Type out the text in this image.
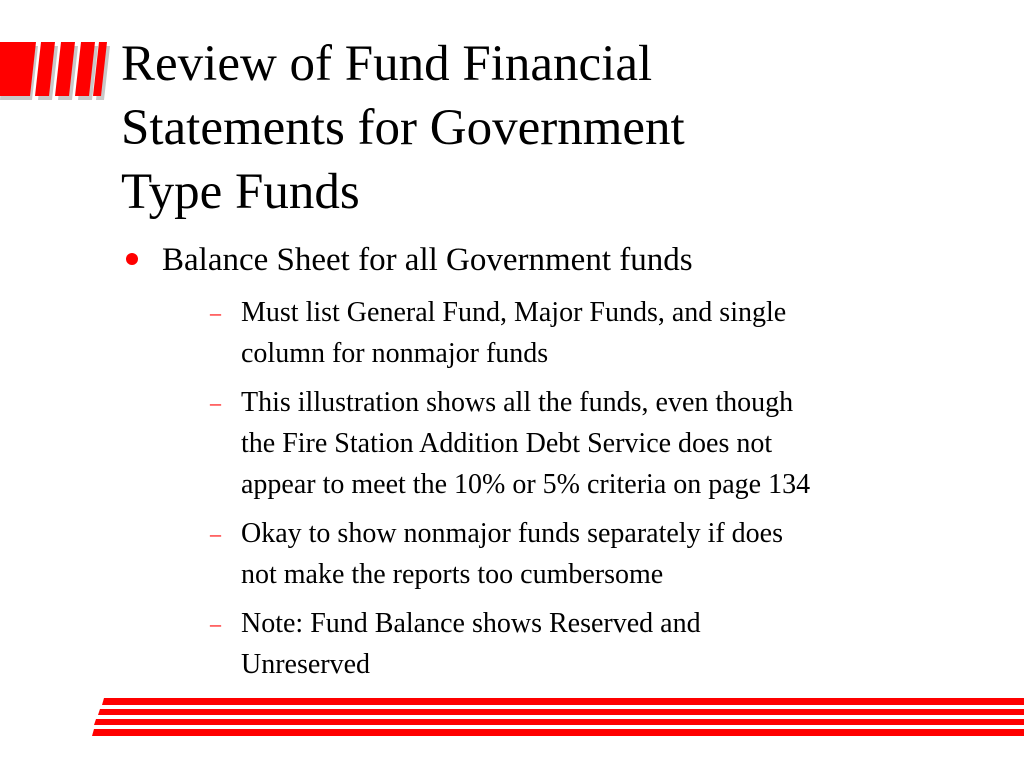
Review of Fund Financial
Statements for Government
Type Funds
Balance Sheet for all Government funds
– Must list General Fund, Major Funds, and single
column for nonmajor funds
– This illustration shows all the funds, even though
the Fire Station Addition Debt Service does not
appear to meet the 10% or 5% criteria on page 134
– Okay to show nonmajor funds separately if does
not make the reports too cumbersome
– Note: Fund Balance shows Reserved and
Unreserved
